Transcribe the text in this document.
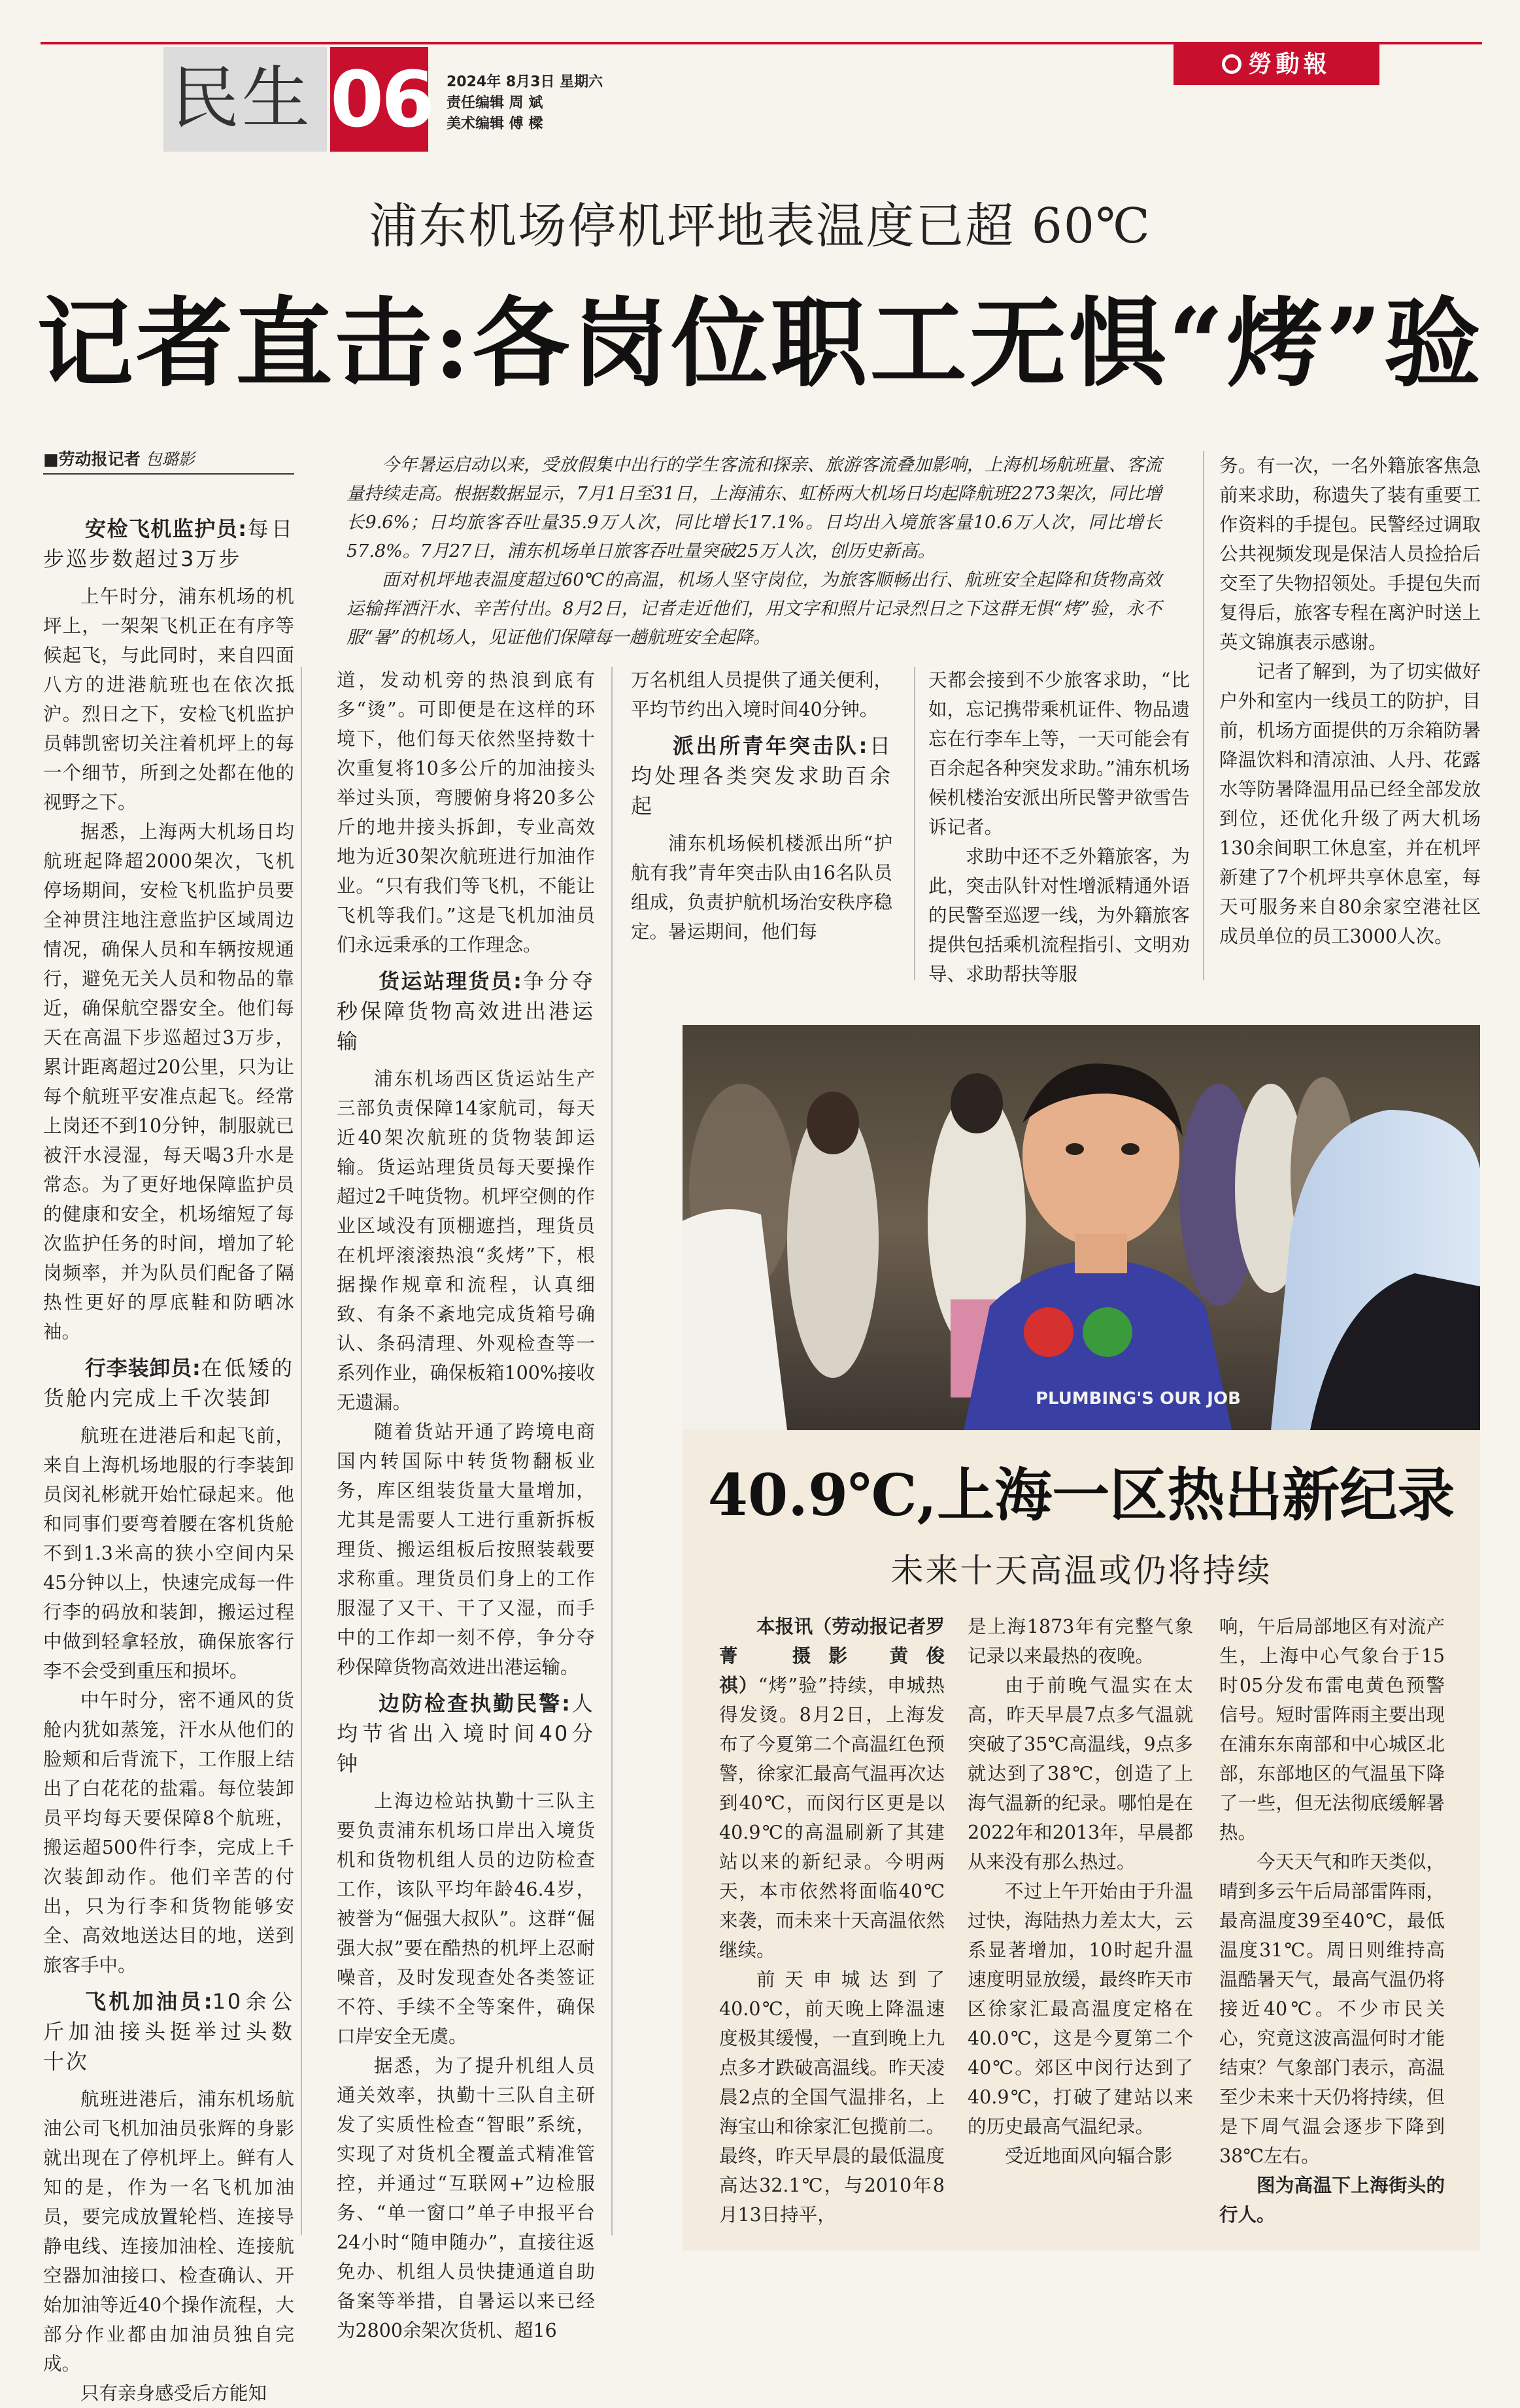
民生 06 2024年 8月3日 星期六
责任编辑 周 斌
美术编辑 傅 樑
勞動報
浦东机场停机坪地表温度已超 60℃
记者直击:各岗位职工无惧“烤”验
■劳动报记者 包璐影	今年暑运启动以来，受放假集中出行的学生客流和探亲、旅游客流叠加影响，上海机场航班量、客流量持续走高。根据数据显示，7月1日至31日，上海浦东、虹桥两大机场日均起降航班2273架次，同比增长9.6%；日均旅客吞吐量35.9万人次，同比增长17.1%。日均出入境旅客量10.6万人次，同比增长57.8%。7月27日，浦东机场单日旅客吞吐量突破25万人次，创历史新高。

面对机坪地表温度超过60℃的高温，机场人坚守岗位，为旅客顺畅出行、航班安全起降和货物高效运输挥洒汗水、辛苦付出。8月2日，记者走近他们，用文字和照片记录烈日之下这群无惧“烤”验，永不服“暑”的机场人，见证他们保障每一趟航班安全起降。

安检飞机监护员:每日步巡步数超过3万步

上午时分，浦东机场的机坪上，一架架飞机正在有序等候起飞，与此同时，来自四面八方的进港航班也在依次抵沪。烈日之下，安检飞机监护员韩凯密切关注着机坪上的每一个细节，所到之处都在他的视野之下。

据悉，上海两大机场日均航班起降超2000架次，飞机停场期间，安检飞机监护员要全神贯注地注意监护区域周边情况，确保人员和车辆按规通行，避免无关人员和物品的靠近，确保航空器安全。他们每天在高温下步巡超过3万步，累计距离超过20公里，只为让每个航班平安准点起飞。经常上岗还不到10分钟，制服就已被汗水浸湿，每天喝3升水是常态。为了更好地保障监护员的健康和安全，机场缩短了每次监护任务的时间，增加了轮岗频率，并为队员们配备了隔热性更好的厚底鞋和防晒冰袖。

行李装卸员:在低矮的货舱内完成上千次装卸

航班在进港后和起飞前，来自上海机场地服的行李装卸员闵礼彬就开始忙碌起来。他和同事们要弯着腰在客机货舱不到1.3米高的狭小空间内呆45分钟以上，快速完成每一件行李的码放和装卸，搬运过程中做到轻拿轻放，确保旅客行李不会受到重压和损坏。

中午时分，密不通风的货舱内犹如蒸笼，汗水从他们的脸颊和后背流下，工作服上结出了白花花的盐霜。每位装卸员平均每天要保障8个航班，搬运超500件行李，完成上千次装卸动作。他们辛苦的付出，只为行李和货物能够安全、高效地送达目的地，送到旅客手中。

飞机加油员:10余公斤加油接头挺举过头数十次

航班进港后，浦东机场航油公司飞机加油员张辉的身影就出现在了停机坪上。鲜有人知的是，作为一名飞机加油员，要完成放置轮档、连接导静电线、连接加油栓、连接航空器加油接口、检查确认、开始加油等近40个操作流程，大部分作业都由加油员独自完成。

只有亲身感受后方能知

道，发动机旁的热浪到底有多“烫”。可即便是在这样的环境下，他们每天依然坚持数十次重复将10多公斤的加油接头举过头顶，弯腰俯身将20多公斤的地井接头拆卸，专业高效地为近30架次航班进行加油作业。“只有我们等飞机，不能让飞机等我们。”这是飞机加油员们永远秉承的工作理念。

货运站理货员:争分夺秒保障货物高效进出港运输

浦东机场西区货运站生产三部负责保障14家航司，每天近40架次航班的货物装卸运输。货运站理货员每天要操作超过2千吨货物。机坪空侧的作业区域没有顶棚遮挡，理货员在机坪滚滚热浪“炙烤”下，根据操作规章和流程，认真细致、有条不紊地完成货箱号确认、条码清理、外观检查等一系列作业，确保板箱100%接收无遗漏。

随着货站开通了跨境电商国内转国际中转货物翻板业务，库区组装货量大量增加，尤其是需要人工进行重新拆板理货、搬运组板后按照装载要求称重。理货员们身上的工作服湿了又干、干了又湿，而手中的工作却一刻不停，争分夺秒保障货物高效进出港运输。

边防检查执勤民警:人均节省出入境时间40分钟

上海边检站执勤十三队主要负责浦东机场口岸出入境货机和货物机组人员的边防检查工作，该队平均年龄46.4岁，被誉为“倔强大叔队”。这群“倔强大叔”要在酷热的机坪上忍耐噪音，及时发现查处各类签证不符、手续不全等案件，确保口岸安全无虞。

据悉，为了提升机组人员通关效率，执勤十三队自主研发了实质性检查“智眼”系统，实现了对货机全覆盖式精准管控，并通过“互联网+”边检服务、“单一窗口”单子申报平台24小时“随申随办”，直接往返免办、机组人员快捷通道自助备案等举措，自暑运以来已经为2800余架次货机、超16

万名机组人员提供了通关便利，平均节约出入境时间40分钟。

派出所青年突击队:日均处理各类突发求助百余起

浦东机场候机楼派出所“护航有我”青年突击队由16名队员组成，负责护航机场治安秩序稳定。暑运期间，他们每

天都会接到不少旅客求助，“比如，忘记携带乘机证件、物品遗忘在行李车上等，一天可能会有百余起各种突发求助。”浦东机场候机楼治安派出所民警尹欲雪告诉记者。

求助中还不乏外籍旅客，为此，突击队针对性增派精通外语的民警至巡逻一线，为外籍旅客提供包括乘机流程指引、文明劝导、求助帮扶等服

务。有一次，一名外籍旅客焦急前来求助，称遗失了装有重要工作资料的手提包。民警经过调取公共视频发现是保洁人员捡拾后交至了失物招领处。手提包失而复得后，旅客专程在离沪时送上英文锦旗表示感谢。

记者了解到，为了切实做好户外和室内一线员工的防护，目前，机场方面提供的万余箱防暑降温饮料和清凉油、人丹、花露水等防暑降温用品已经全部发放到位，还优化升级了两大机场130余间职工休息室，并在机坪新建了7个机坪共享休息室，每天可服务来自80余家空港社区成员单位的员工3000人次。

PLUMBING'S OUR JOB
40.9℃,上海一区热出新纪录
未来十天高温或仍将持续

本报讯（劳动报记者罗菁　摄影 黄俊祺）“烤”验”持续，申城热得发烫。8月2日，上海发布了今夏第二个高温红色预警，徐家汇最高气温再次达到40℃，而闵行区更是以40.9℃的高温刷新了其建站以来的新纪录。今明两天，本市依然将面临40℃来袭，而未来十天高温依然继续。

前天申城达到了40.0℃，前天晚上降温速度极其缓慢，一直到晚上九点多才跌破高温线。昨天凌晨2点的全国气温排名，上海宝山和徐家汇包揽前二。最终，昨天早晨的最低温度高达32.1℃，与2010年8月13日持平，

是上海1873年有完整气象记录以来最热的夜晚。

由于前晚气温实在太高，昨天早晨7点多气温就突破了35℃高温线，9点多就达到了38℃，创造了上海气温新的纪录。哪怕是在2022年和2013年，早晨都从来没有那么热过。

不过上午开始由于升温过快，海陆热力差太大，云系显著增加，10时起升温速度明显放缓，最终昨天市区徐家汇最高温度定格在40.0℃，这是今夏第二个40℃。郊区中闵行达到了40.9℃，打破了建站以来的历史最高气温纪录。

受近地面风向辐合影

响，午后局部地区有对流产生，上海中心气象台于15时05分发布雷电黄色预警信号。短时雷阵雨主要出现在浦东东南部和中心城区北部，东部地区的气温虽下降了一些，但无法彻底缓解暑热。

今天天气和昨天类似，晴到多云午后局部雷阵雨，最高温度39至40℃，最低温度31℃。周日则维持高温酷暑天气，最高气温仍将接近40℃。不少市民关心，究竟这波高温何时才能结束？气象部门表示，高温至少未来十天仍将持续，但是下周气温会逐步下降到38℃左右。

图为高温下上海街头的行人。
